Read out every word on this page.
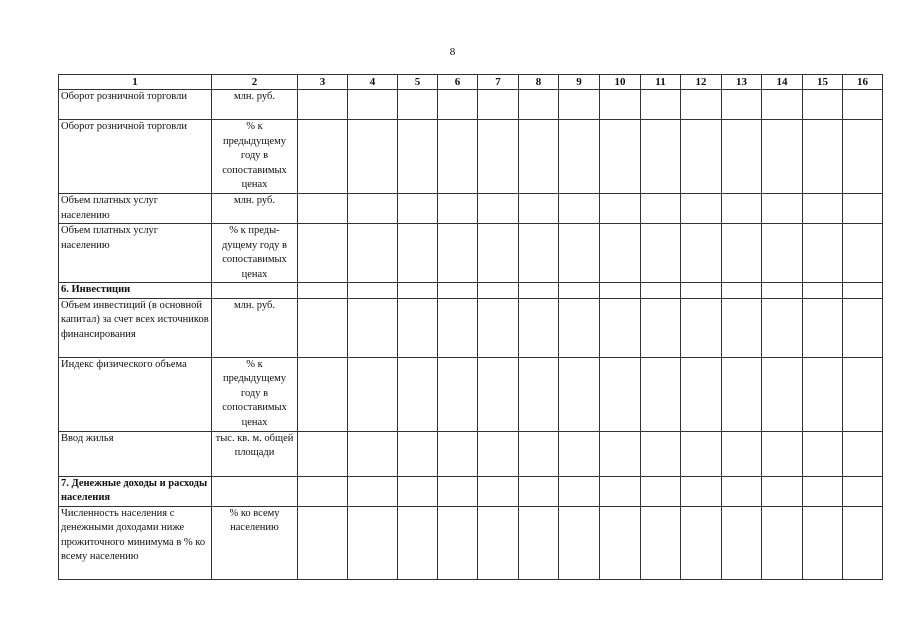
8
1	2	3	4	5	6	7	8	9	10	11	12	13	14	15	16
Оборот розничной торговли	млн. руб.														
Оборот розничной торговли	% к предыдущему году в сопоставимых ценах														
Объем платных услуг населению	млн. руб.														
Объем платных услуг населению	% к преды-дущему году в сопоставимых ценах														
6. Инвестиции															
Объем инвестиций (в основной капитал) за счет всех источников финансирования	млн. руб.														
Индекс физического объема	% к предыдущему году в сопоставимых ценах														
Ввод жилья	тыс. кв. м. общей площади														
7. Денежные доходы и расходы населения															
Численность населения с денежными доходами ниже прожиточного минимума в % ко всему населению	% ко всему населению														
